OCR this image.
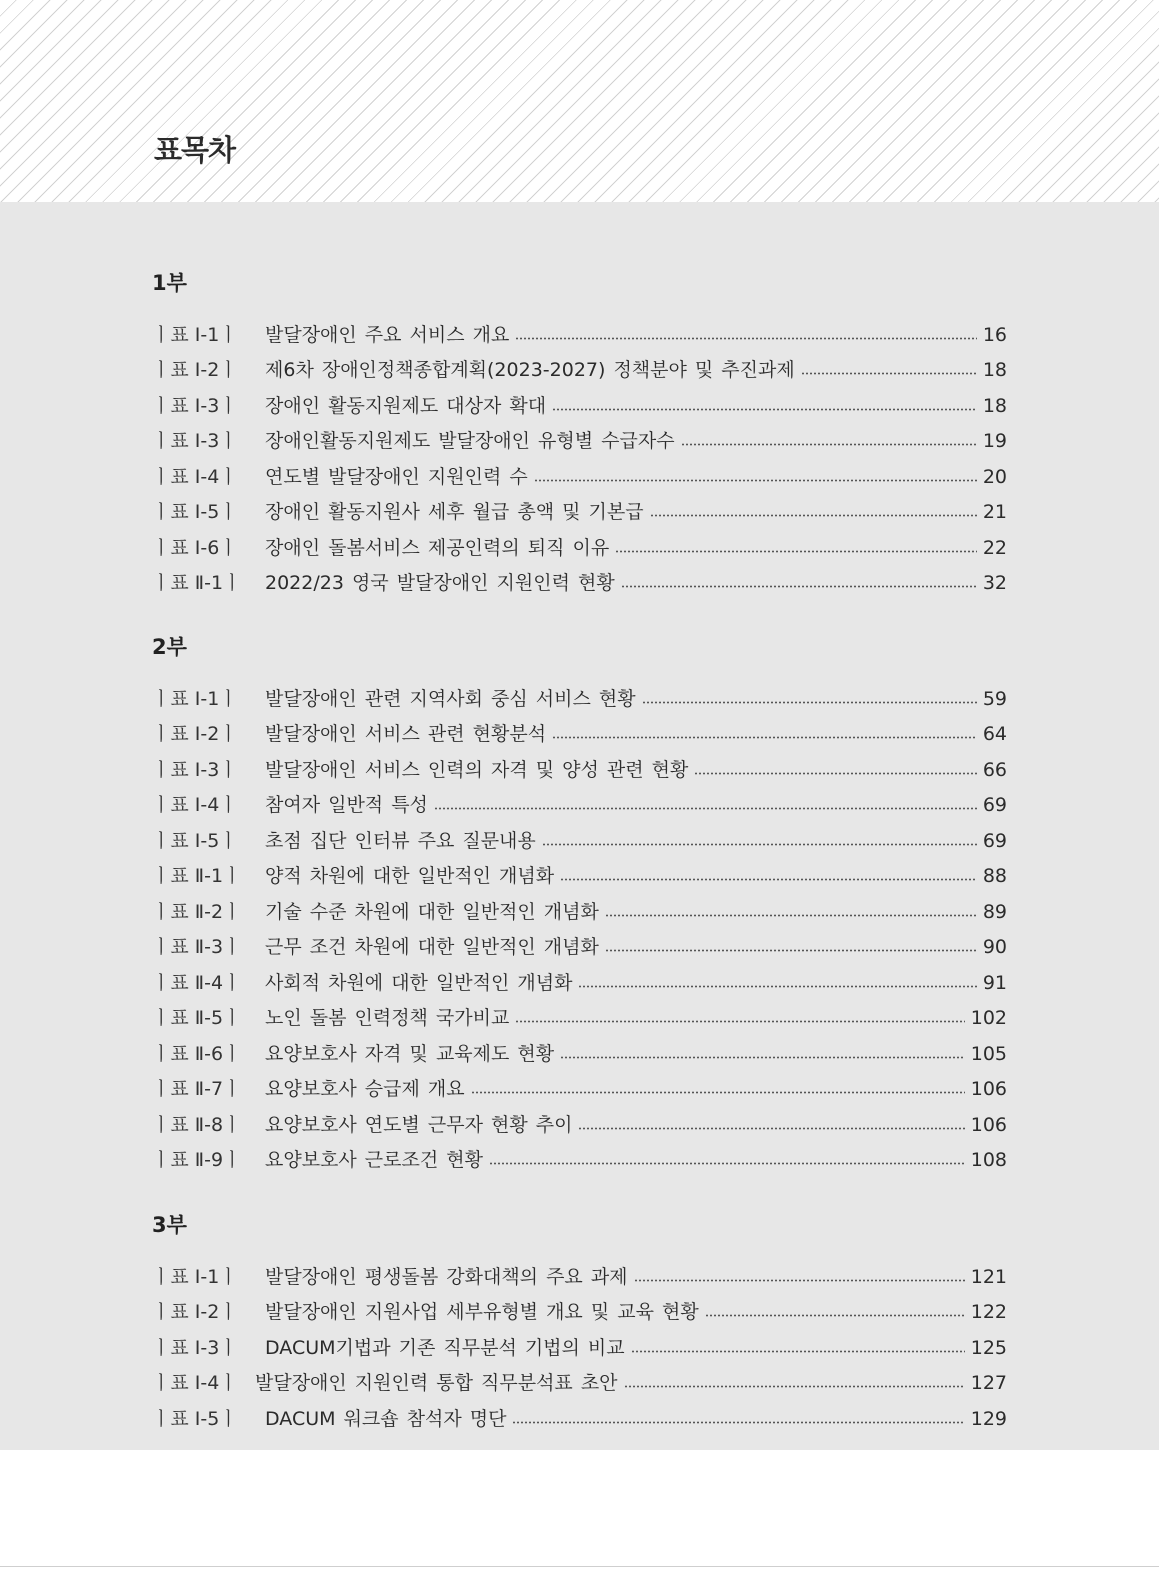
표목차
1부
ㅣ표 Ⅰ-1ㅣ	발달장애인 주요 서비스 개요	16
ㅣ표 Ⅰ-2ㅣ	제6차 장애인정책종합계획(2023-2027) 정책분야 및 추진과제	18
ㅣ표 Ⅰ-3ㅣ	장애인 활동지원제도 대상자 확대	18
ㅣ표 Ⅰ-3ㅣ	장애인활동지원제도 발달장애인 유형별 수급자수	19
ㅣ표 Ⅰ-4ㅣ	연도별 발달장애인 지원인력 수	20
ㅣ표 Ⅰ-5ㅣ	장애인 활동지원사 세후 월급 총액 및 기본급	21
ㅣ표 Ⅰ-6ㅣ	장애인 돌봄서비스 제공인력의 퇴직 이유	22
ㅣ표 Ⅱ-1ㅣ	2022/23 영국 발달장애인 지원인력 현황	32
2부
ㅣ표 Ⅰ-1ㅣ	발달장애인 관련 지역사회 중심 서비스 현황	59
ㅣ표 Ⅰ-2ㅣ	발달장애인 서비스 관련 현황분석	64
ㅣ표 Ⅰ-3ㅣ	발달장애인 서비스 인력의 자격 및 양성 관련 현황	66
ㅣ표 Ⅰ-4ㅣ	참여자 일반적 특성	69
ㅣ표 Ⅰ-5ㅣ	초점 집단 인터뷰 주요 질문내용	69
ㅣ표 Ⅱ-1ㅣ	양적 차원에 대한 일반적인 개념화	88
ㅣ표 Ⅱ-2ㅣ	기술 수준 차원에 대한 일반적인 개념화	89
ㅣ표 Ⅱ-3ㅣ	근무 조건 차원에 대한 일반적인 개념화	90
ㅣ표 Ⅱ-4ㅣ	사회적 차원에 대한 일반적인 개념화	91
ㅣ표 Ⅱ-5ㅣ	노인 돌봄 인력정책 국가비교	102
ㅣ표 Ⅱ-6ㅣ	요양보호사 자격 및 교육제도 현황	105
ㅣ표 Ⅱ-7ㅣ	요양보호사 승급제 개요	106
ㅣ표 Ⅱ-8ㅣ	요양보호사 연도별 근무자 현황 추이	106
ㅣ표 Ⅱ-9ㅣ	요양보호사 근로조건 현황	108
3부
ㅣ표 Ⅰ-1ㅣ	발달장애인 평생돌봄 강화대책의 주요 과제	121
ㅣ표 Ⅰ-2ㅣ	발달장애인 지원사업 세부유형별 개요 및 교육 현황	122
ㅣ표 Ⅰ-3ㅣ	DACUM기법과 기존 직무분석 기법의 비교	125
ㅣ표 Ⅰ-4ㅣ 발달장애인 지원인력 통합 직무분석표 초안	127
ㅣ표 Ⅰ-5ㅣ	DACUM 워크숍 참석자 명단	129
